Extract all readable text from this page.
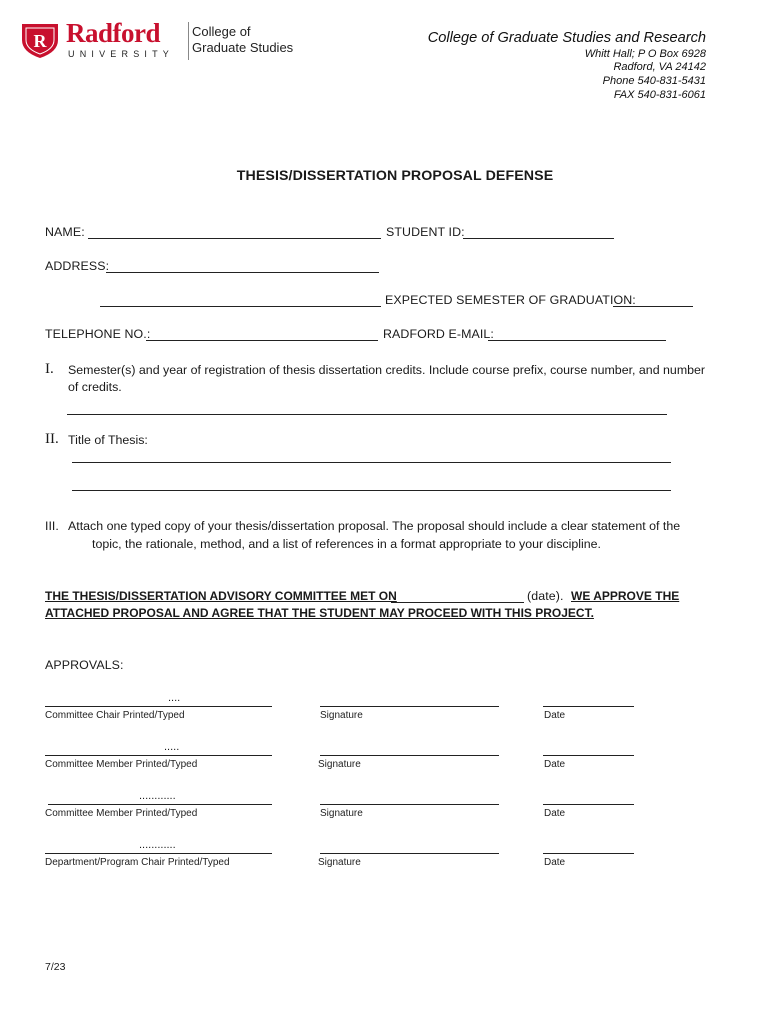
R Radford
UNIVERSITY
College of
Graduate Studies
College of Graduate Studies and Research
Whitt Hall; P O Box 6928
Radford, VA 24142
Phone 540-831-5431
FAX 540-831-6061
THESIS/DISSERTATION PROPOSAL DEFENSE
NAME:	STUDENT ID:
ADDRESS:
EXPECTED SEMESTER OF GRADUATION:
TELEPHONE NO.:	RADFORD E-MAIL:
I. Semester(s) and year of registration of thesis dissertation credits. Include course prefix, course number, and number
of credits.
II. Title of Thesis:
III. Attach one typed copy of your thesis/dissertation proposal. The proposal should include a clear statement of the
topic, the rationale, method, and a list of references in a format appropriate to your discipline.
THE THESIS/DISSERTATION ADVISORY COMMITTEE MET ON	(date). WE APPROVE THE
ATTACHED PROPOSAL AND AGREE THAT THE STUDENT MAY PROCEED WITH THIS PROJECT.
APPROVALS:
....
Committee Chair Printed/Typed	Signature	Date
.....
Committee Member Printed/Typed	Signature	Date
............
Committee Member Printed/Typed	Signature	Date
............
Department/Program Chair Printed/Typed	Signature	Date
7/23
